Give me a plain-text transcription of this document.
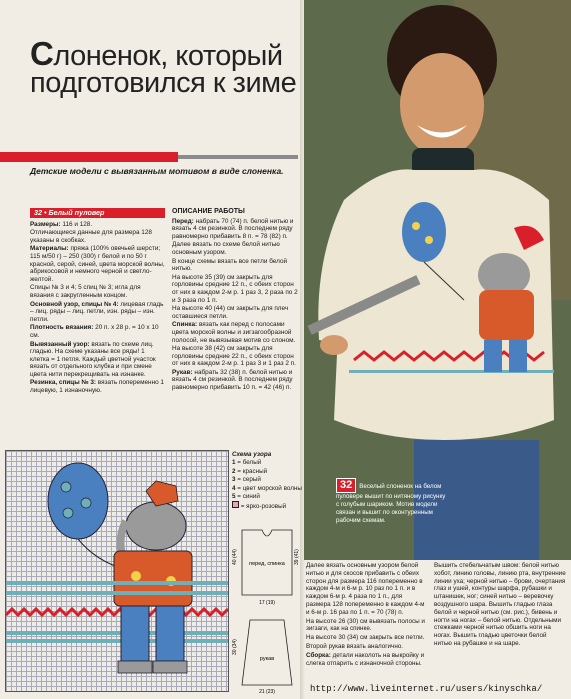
Слоненок, который подготовился к зиме
Детские модели с вывязанным мотивом в виде слоненка.
32 • Белый пуловер

Размеры: 116 и 128.

Отличающиеся данные для размера 128 указаны в скобках.

Материалы: пряжа (100% овечьей шерсти; 115 м/50 г) – 250 (300) г белой и по 50 г красной, серой, синей, цвета морской волны, абрикосовой и немного черной и светло-желтой.

Спицы № 3 и 4; 5 спиц № 3; игла для вязания с закругленным концом.

Основной узор, спицы № 4: лицевая гладь – лиц. ряды – лиц. петли, изн. ряды – изн. петли.

Плотность вязания: 20 п. х 28 р. = 10 х 10 см.

Вывязанный узор: вязать по схеме лиц. гладью. На схеме указаны все ряды! 1 клетка = 1 петля. Каждый цветной участок вязать от отдельного клубка и при смене цвета нити перекрещивать на изнанке.

Резинка, спицы № 3: вязать попеременно 1 лицевую, 1 изнаночную.

ОПИСАНИЕ РАБОТЫ

Перед: набрать 70 (74) п. белой нитью и вязать 4 см резинкой. В последнем ряду равномерно прибавить 8 п. = 78 (82) п.

Далее вязать по схеме белой нитью основным узором.

В конце схемы вязать все петли белой нитью.

На высоте 35 (39) см закрыть для горловины средние 12 п., с обеих сторон от них в каждом 2-м р. 1 раз 3, 2 раза по 2 и 3 раза по 1 п.

На высоте 40 (44) см закрыть для плеч оставшиеся петли.

Спинка: вязать как перед с полосами цвета морской волны и зигзагообразной полосой, не вывязывая мотив со слоном.

На высоте 38 (42) см закрыть для горловины средние 22 п., с обеих сторон от них в каждом 2-м р. 1 раз 3 и 1 раз 2 п.

Рукав: набрать 32 (38) п. белой нитью и вязать 4 см резинкой. В последнем ряду равномерно прибавить 10 п. = 42 (46) п.

32 Веселый слоненок на белом пуловере вышит по нитяному рисунку с голубым шариком. Мотив модели связан и вышит по оконтуренным рабочим схемам.
Схема узора
1 = белый
2 = красный
3 = серый
4 = цвет морской волны
5 = синий
= ярко-розовый
перед, спинка
рукав
17 (19)
40 (44)	39 (41)
21 (23)
30 (34)

Далее вязать основным узором белой нитью и для скосов прибавить с обеих сторон для размера 116 попеременно в каждом 4-м и 6-м р. 10 раз по 1 п. и в каждом 6-м р. 4 раза по 1 п., для размера 128 попеременно в каждом 4-м и 6-м р. 16 раз по 1 п. = 70 (78) п.

На высоте 26 (30) см вывязать полосы и зигзаги, как на спинке.

На высоте 30 (34) см закрыть все петли.

Второй рукав вязать аналогично.

Сборка: детали наколоть на выкройку и слегка отпарить с изнаночной стороны.

Вышить стебельчатым швом: белой нитью хобот, линию головы, линию рта, внутренние линии уха; черной нитью – брови, очертания глаз и ушей, контуры шарфа, рубашки и штанишек, ног; синей нитью – веревочку воздушного шара. Вышить гладью глаза белой и черной нитью (см. рис.), бивень и ногти на ногах – белой нитью. Отдельными стежками черной нитью обшить ноги на ногах. Вышить гладью цветочки белой нитью на рубашке и на шаре.

http://www.liveinternet.ru/users/kinyschka/
